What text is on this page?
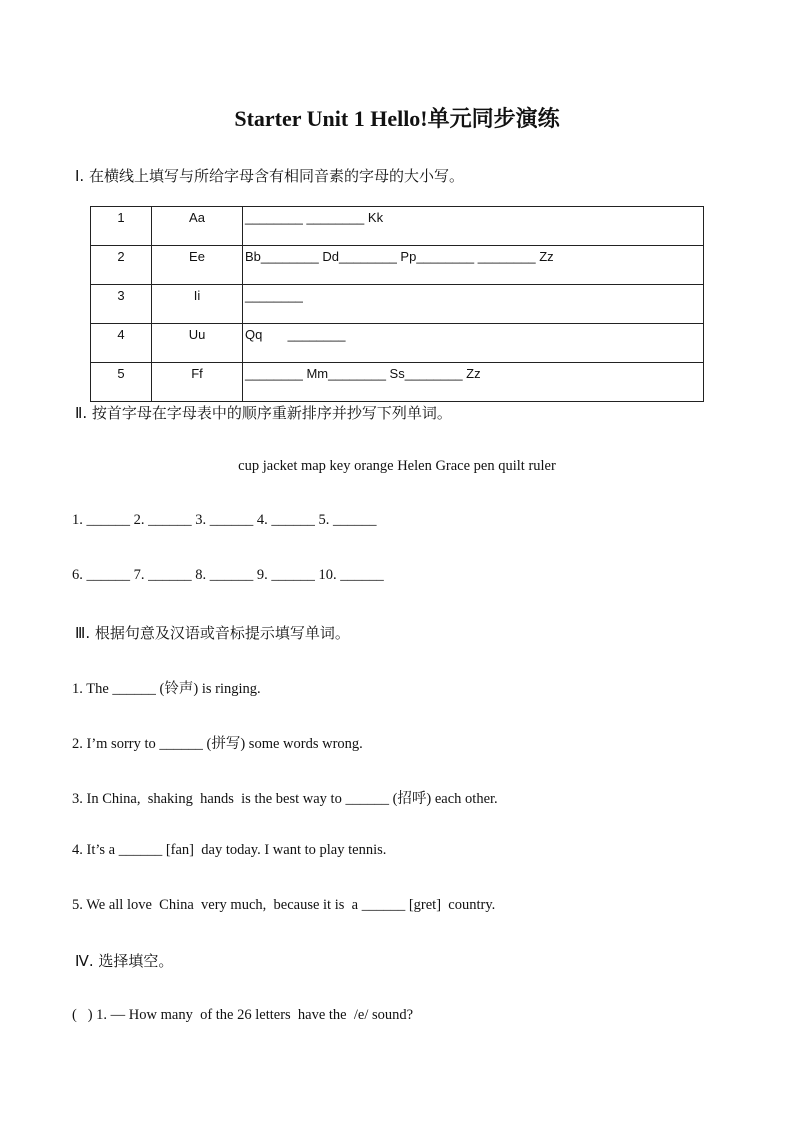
Starter Unit 1 Hello!单元同步演练
Ⅰ. 在横线上填写与所给字母含有相同音素的字母的大小写。
1	Aa	________ ________ Kk
2	Ee	Bb________ Dd________ Pp________ ________ Zz
3	Ii	________
4	Uu	Qq       ________
5	Ff	________ Mm________ Ss________ Zz
Ⅱ. 按首字母在字母表中的顺序重新排序并抄写下列单词。
cup jacket map key orange Helen Grace pen quilt ruler
1. ______ 2. ______ 3. ______ 4. ______ 5. ______
6. ______ 7. ______ 8. ______ 9. ______ 10. ______
Ⅲ. 根据句意及汉语或音标提示填写单词。
1. The ______ (铃声) is ringing.
2. I’m sorry to ______ (拼写) some words wrong.
3. In China,  shaking  hands  is the best way to ______ (招呼) each other.
4. It’s a ______ [fan]  day today. I want to play tennis.
5. We all love  China  very much,  because it is  a ______ [gret]  country.
Ⅳ. 选择填空。
(   ) 1. — How many  of the 26 letters  have the  /e/ sound?
